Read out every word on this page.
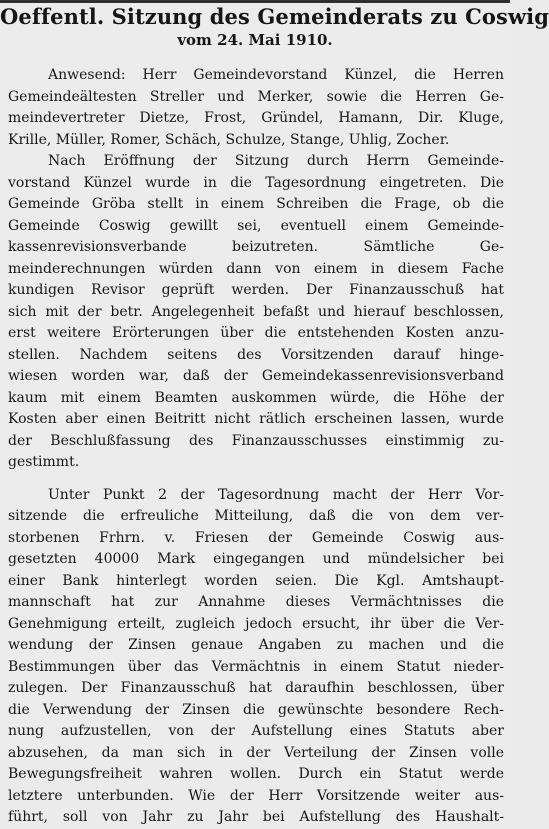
Oeffentl. Sitzung des Gemeinderats zu Coswig

vom 24. Mai 1910.

Anwesend: Herr Gemeindevorstand Künzel, die Herren
Gemeindeältesten Streller und Merker, sowie die Herren Ge-
meindevertreter Dietze, Frost, Gründel, Hamann, Dir. Kluge,
Krille, Müller, Romer, Schäch, Schulze, Stange, Uhlig, Zocher.

Nach Eröffnung der Sitzung durch Herrn Gemeinde-
vorstand Künzel wurde in die Tagesordnung eingetreten. Die
Gemeinde Gröba stellt in einem Schreiben die Frage, ob die
Gemeinde Coswig gewillt sei, eventuell einem Gemeinde-
kassenrevisionsverbande beizutreten. Sämtliche Ge-
meinderechnungen würden dann von einem in diesem Fache
kundigen Revisor geprüft werden. Der Finanzausschuß hat
sich mit der betr. Angelegenheit befaßt und hierauf beschlossen,
erst weitere Erörterungen über die entstehenden Kosten anzu-
stellen. Nachdem seitens des Vorsitzenden darauf hinge-
wiesen worden war, daß der Gemeindekassenrevisionsverband
kaum mit einem Beamten auskommen würde, die Höhe der
Kosten aber einen Beitritt nicht rätlich erscheinen lassen, wurde
der Beschlußfassung des Finanzausschusses einstimmig zu-
gestimmt.

Unter Punkt 2 der Tagesordnung macht der Herr Vor-
sitzende die erfreuliche Mitteilung, daß die von dem ver-
storbenen Frhrn. v. Friesen der Gemeinde Coswig aus-
gesetzten 40000 Mark eingegangen und mündelsicher bei
einer Bank hinterlegt worden seien. Die Kgl. Amtshaupt-
mannschaft hat zur Annahme dieses Vermächtnisses die
Genehmigung erteilt, zugleich jedoch ersucht, ihr über die Ver-
wendung der Zinsen genaue Angaben zu machen und die
Bestimmungen über das Vermächtnis in einem Statut nieder-
zulegen. Der Finanzausschuß hat daraufhin beschlossen, über
die Verwendung der Zinsen die gewünschte besondere Rech-
nung aufzustellen, von der Aufstellung eines Statuts aber
abzusehen, da man sich in der Verteilung der Zinsen volle
Bewegungsfreiheit wahren wollen. Durch ein Statut werde
letztere unterbunden. Wie der Herr Vorsitzende weiter aus-
führt, soll von Jahr zu Jahr bei Aufstellung des Haushalt-
